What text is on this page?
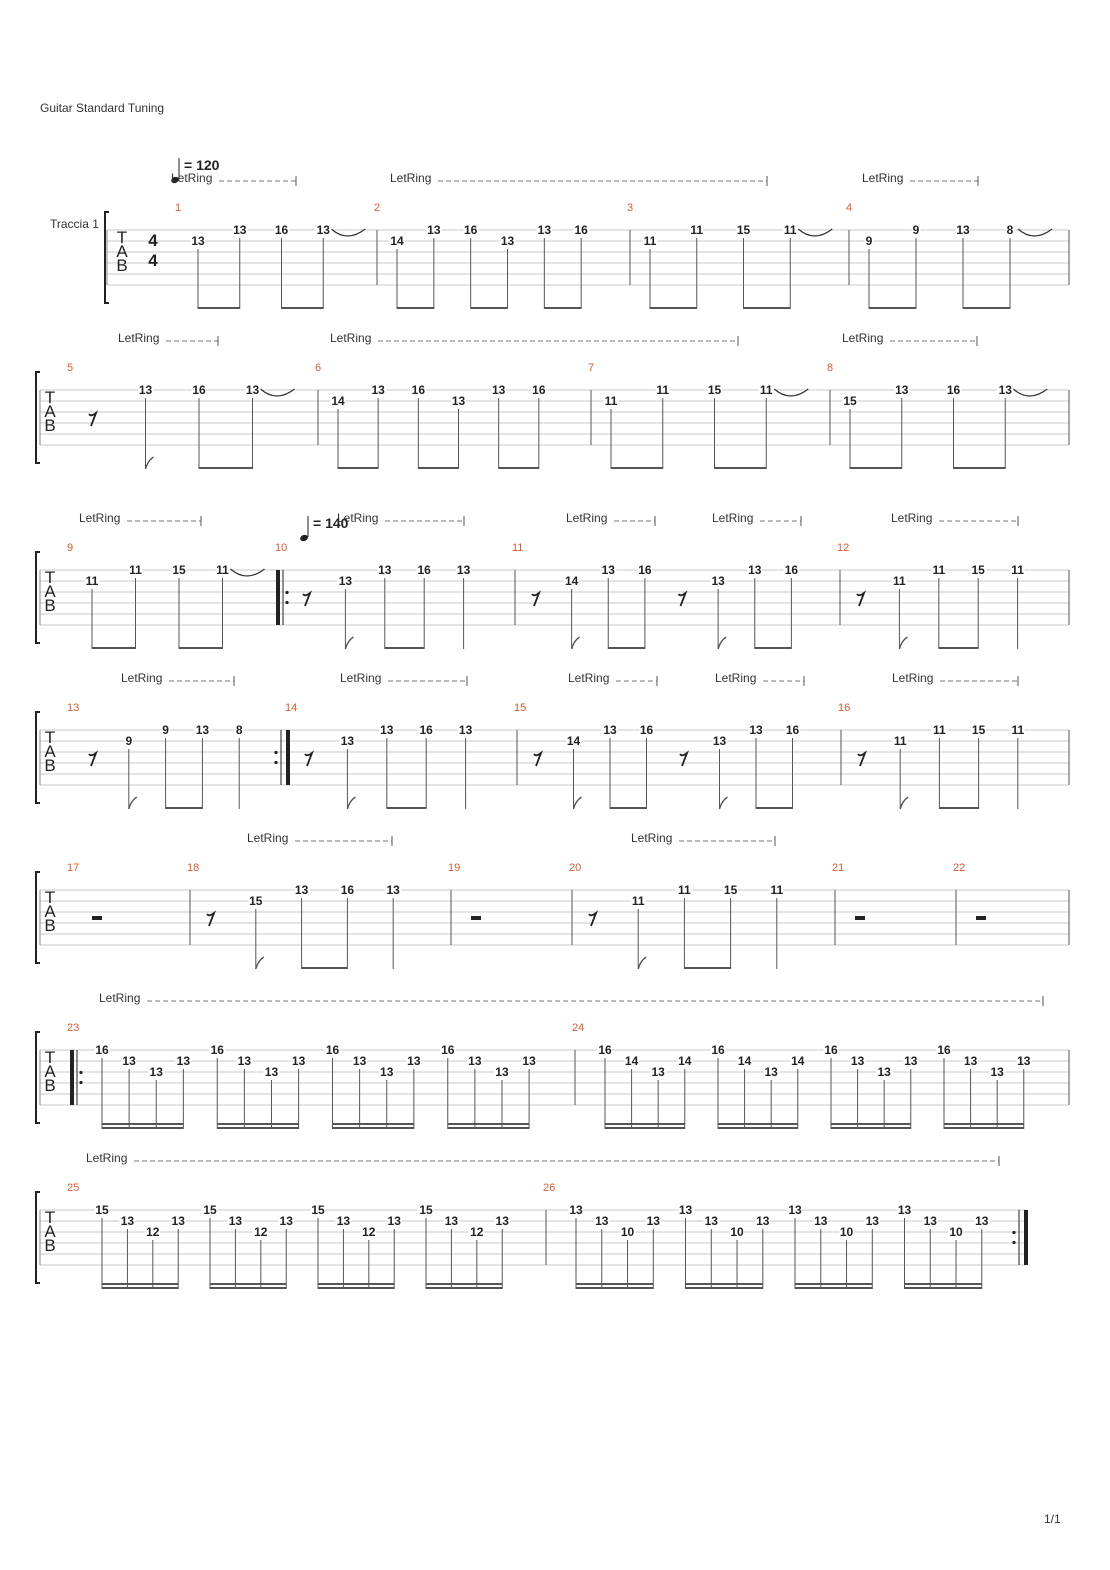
Guitar Standard Tuning
Traccia 1
1/1
T
A
B
4
4
1
13
13 16 13
2
14
13 16
13
13 16
3
11
11	15	11
4
9
9	13	8
= 120
LetRing	LetRing	LetRing
T
A
B
5
13	16	13
6
14
13 16
13
13 16
7
11
11	15	11
8
15
13	16	13
LetRing	LetRing	LetRing
T
A
B
9
11
11	15	11
10
13
13 16 13
11
14
13 16
13
13 16
12
11
11 15 11
= 140
LetRing	LetRing	LetRing	LetRing	LetRing
T
A
B
13
9
9 13 8
14
13
13 16 13
15
14
13 16
13
13 16
16
11
11 15 11
LetRing	LetRing	LetRing	LetRing	LetRing
T
A
B
17	18
15
13	16	13
19	20
11
11	15	11
21	22
LetRing	LetRing
T
A
B
23
16
13
13
13
16
13
13
13
16
13
13
13
16
13
13
13
24
16
14
13
14
16
14
13
14
16
13
13
13
16
13
13
13
LetRing
T
A
B
25
15
13
12
13
15
13
12
13
15
13
12
13
15
13
12
13
26
13
13
10
13
13
13
10
13
13
13
10
13
13
13
10
13
LetRing
